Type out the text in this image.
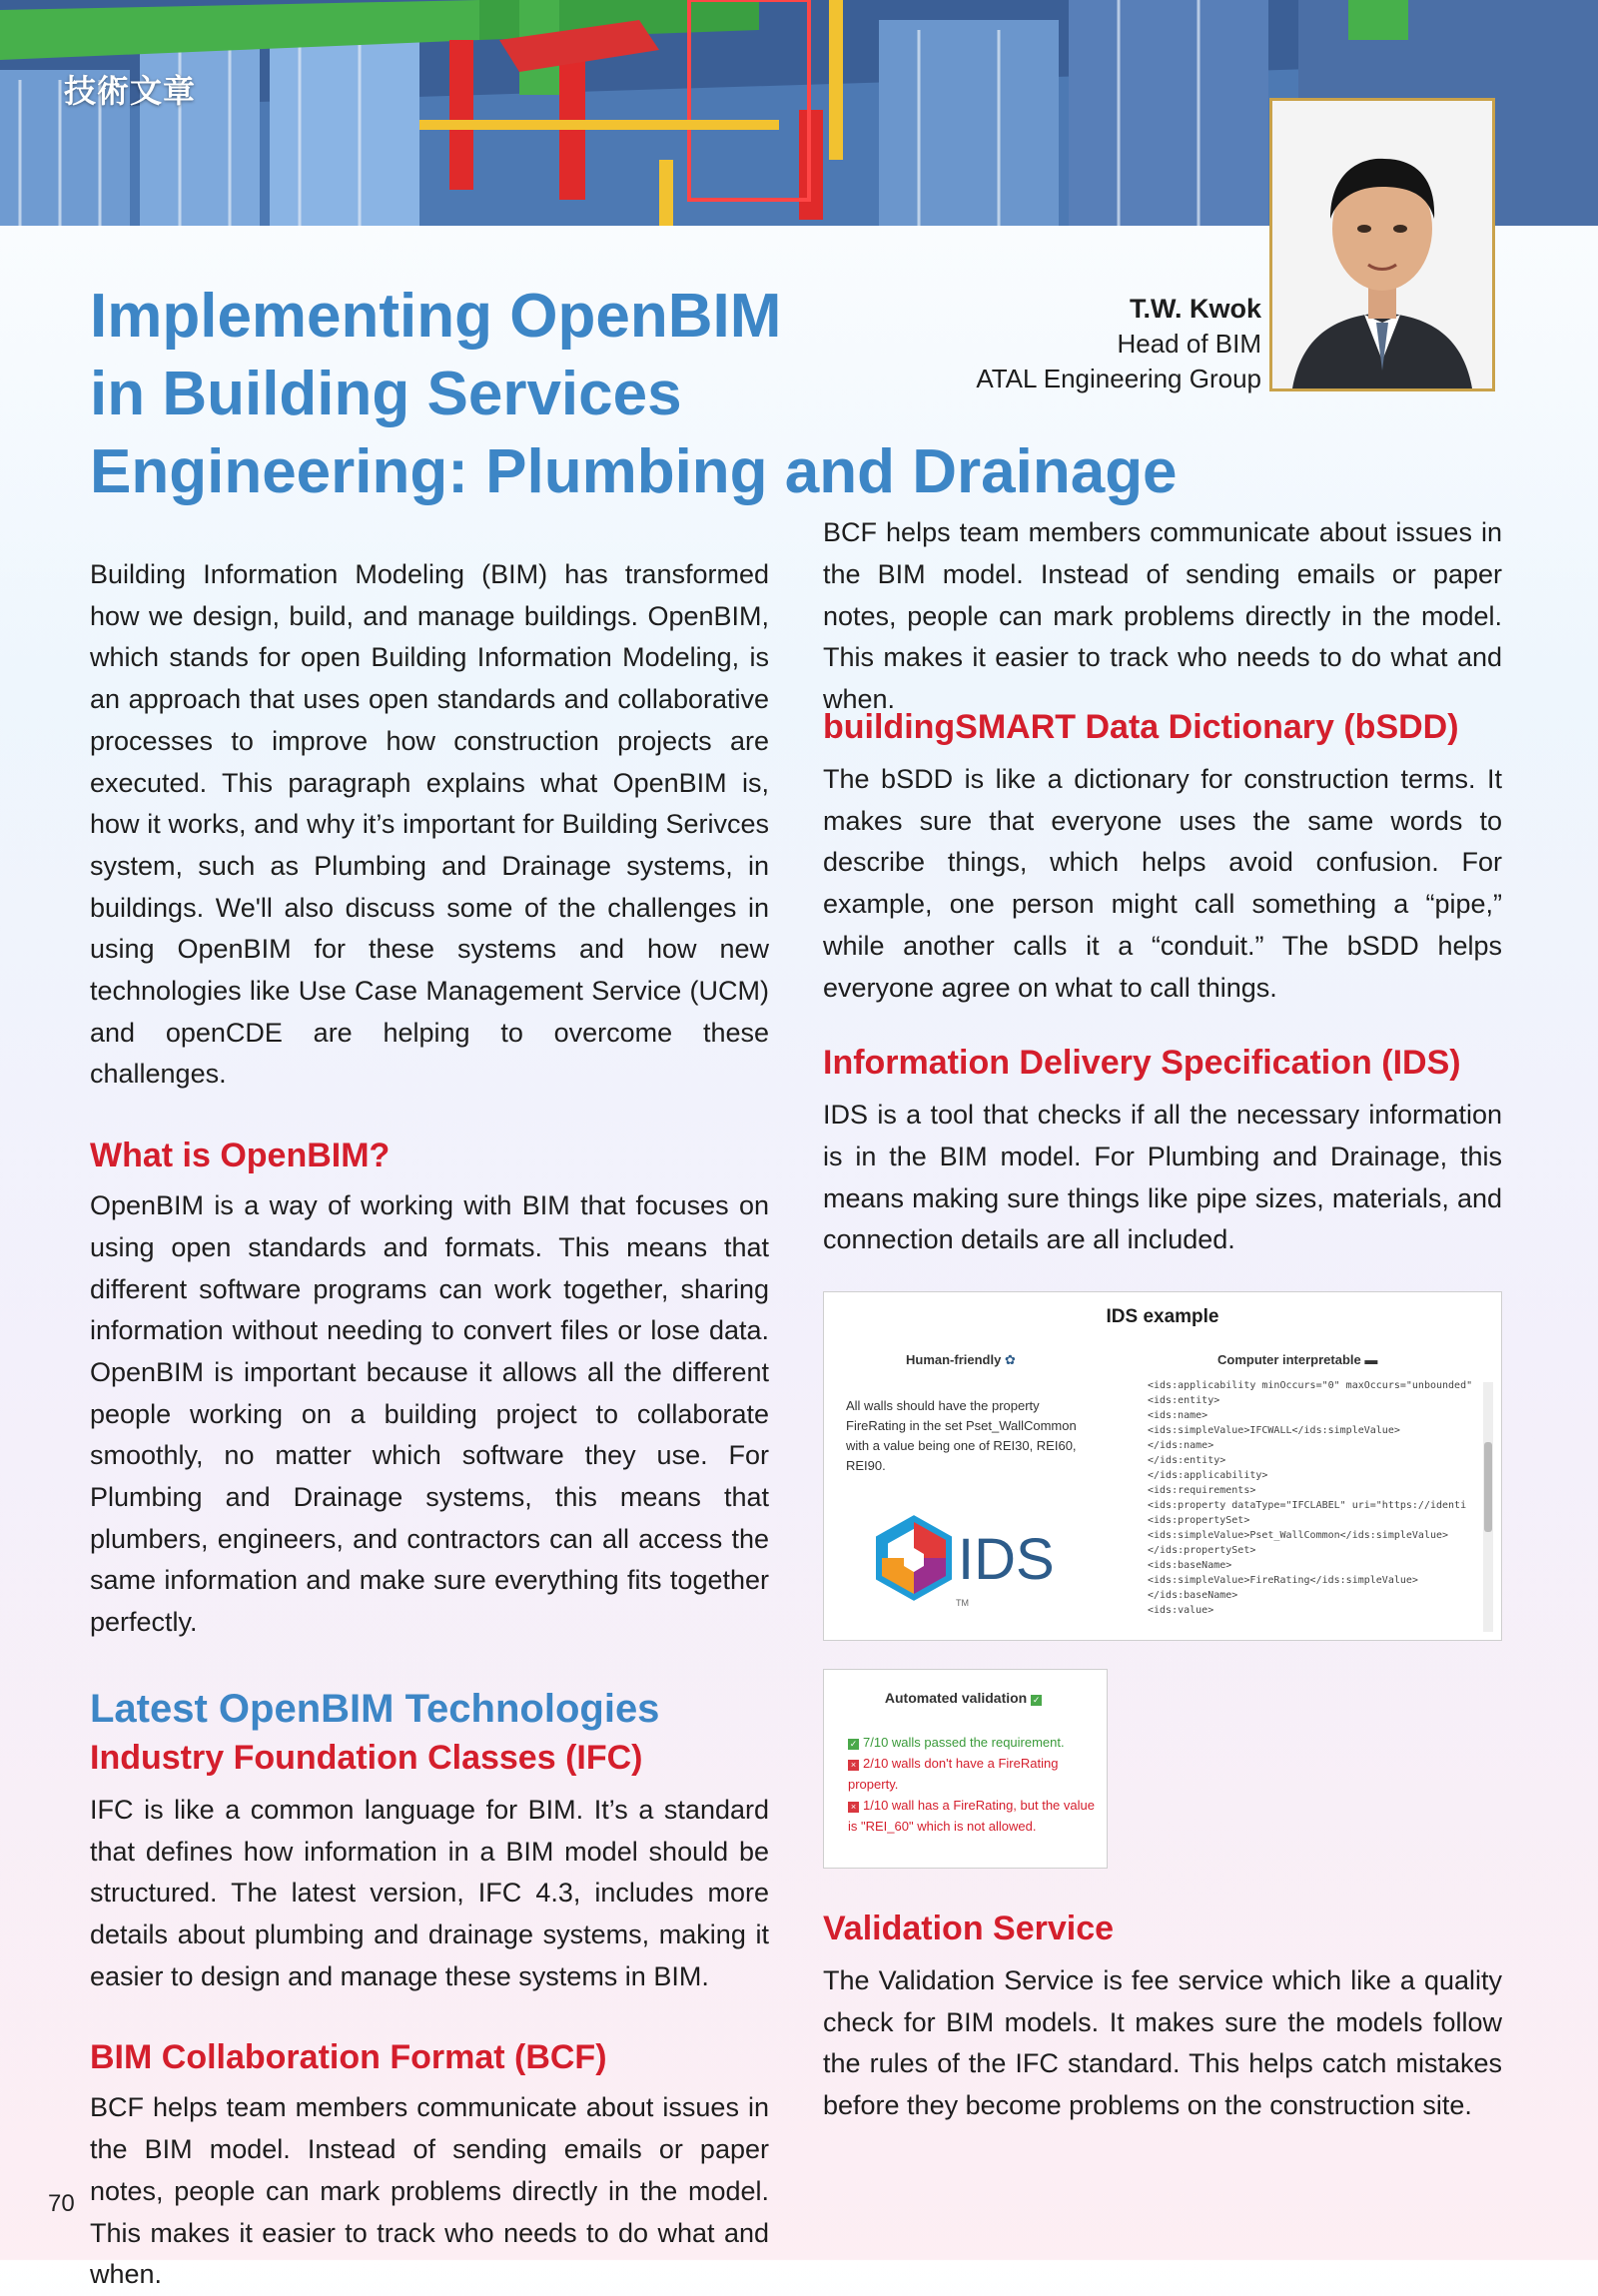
技術文章
T.W. Kwok
Head of BIM
ATAL Engineering Group
Implementing OpenBIM
in Building Services
Engineering: Plumbing and Drainage

Building Information Modeling (BIM) has transformed how we design, build, and manage buildings. OpenBIM, which stands for open Building Information Modeling, is an approach that uses open standards and collaborative processes to improve how construction projects are executed. This paragraph explains what OpenBIM is, how it works, and why it’s important for Building Serivces system, such as Plumbing and Drainage systems, in buildings. We'll also discuss some of the challenges in using OpenBIM for these systems and how new technologies like Use Case Management Service (UCM) and openCDE are helping to overcome these challenges.

What is OpenBIM?

OpenBIM is a way of working with BIM that focuses on using open standards and formats. This means that different software programs can work together, sharing information without needing to convert files or lose data. OpenBIM is important because it allows all the different people working on a building project to collaborate smoothly, no matter which software they use. For Plumbing and Drainage systems, this means that plumbers, engineers, and contractors can all access the same information and make sure everything fits together perfectly.

Latest OpenBIM Technologies
Industry Foundation Classes (IFC)

IFC is like a common language for BIM. It’s a standard that defines how information in a BIM model should be structured. The latest version, IFC 4.3, includes more details about plumbing and drainage systems, making it easier to design and manage these systems in BIM.

BIM Collaboration Format (BCF)

BCF helps team members communicate about issues in the BIM model. Instead of sending emails or paper notes, people can mark problems directly in the model. This makes it easier to track who needs to do what and when.

BCF helps team members communicate about issues in the BIM model. Instead of sending emails or paper notes, people can mark problems directly in the model. This makes it easier to track who needs to do what and when.

buildingSMART Data Dictionary (bSDD)

The bSDD is like a dictionary for construction terms. It makes sure that everyone uses the same words to describe things, which helps avoid confusion. For example, one person might call something a “pipe,” while another calls it a “conduit.” The bSDD helps everyone agree on what to call things.

Information Delivery Specification (IDS)

IDS is a tool that checks if all the necessary information is in the BIM model. For Plumbing and Drainage, this means making sure things like pipe sizes, materials, and connection details are all included.

IDS example
Human-friendly ✿	Computer interpretable ▬
All walls should have the property FireRating in the set Pset_WallCommon with a value being one of REI30, REI60, REI90.
<ids:applicability minOccurs="0" maxOccurs="unbounded"
<ids:entity>
<ids:name>
<ids:simpleValue>IFCWALL</ids:simpleValue>
</ids:name>
</ids:entity>
</ids:applicability>
<ids:requirements>
<ids:property dataType="IFCLABEL" uri="https://identi
<ids:propertySet>
<ids:simpleValue>Pset_WallCommon</ids:simpleValue>
</ids:propertySet>
<ids:baseName>
<ids:simpleValue>FireRating</ids:simpleValue>
</ids:baseName>
<ids:value>
IDS
TM
Automated validation ✓
✓ 7/10 walls passed the requirement.
× 2/10 walls don't have a FireRating property.
× 1/10 wall has a FireRating, but the value is "REI_60" which is not allowed.
Validation Service

The Validation Service is fee service which like a quality check for BIM models. It makes sure the models follow the rules of the IFC standard. This helps catch mistakes before they become problems on the construction site.

70
